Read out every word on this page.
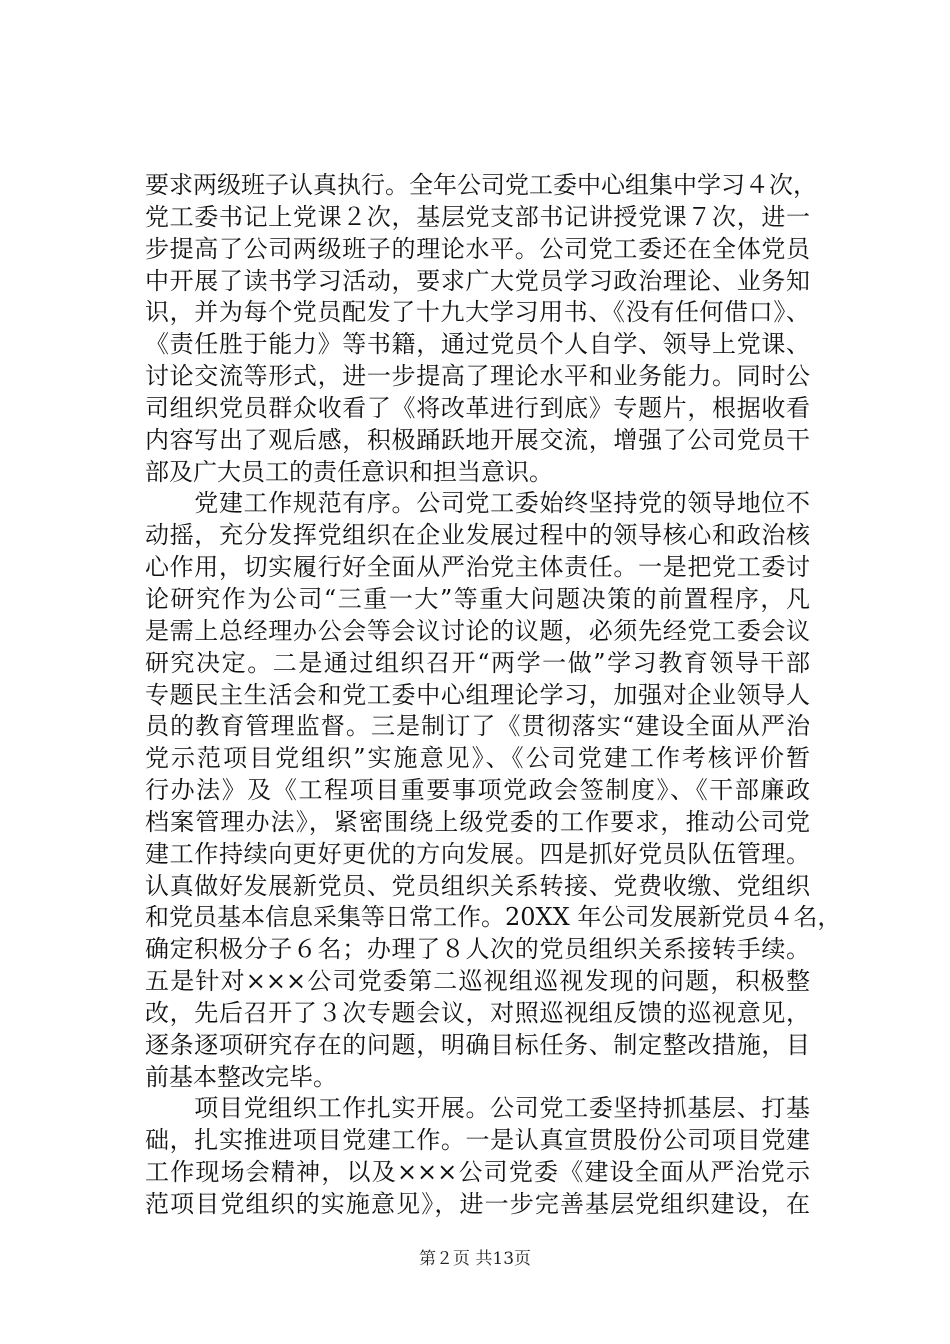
要求两级班子认真执行。全年公司党工委中心组集中学习４次，
党工委书记上党课２次，基层党支部书记讲授党课７次，进一
步提高了公司两级班子的理论水平。公司党工委还在全体党员
中开展了读书学习活动，要求广大党员学习政治理论、业务知
识，并为每个党员配发了十九大学习用书、《没有任何借口》、
《责任胜于能力》等书籍，通过党员个人自学、领导上党课、
讨论交流等形式，进一步提高了理论水平和业务能力。同时公
司组织党员群众收看了《将改革进行到底》专题片，根据收看
内容写出了观后感，积极踊跃地开展交流，增强了公司党员干
部及广大员工的责任意识和担当意识。
　　党建工作规范有序。公司党工委始终坚持党的领导地位不
动摇，充分发挥党组织在企业发展过程中的领导核心和政治核
心作用，切实履行好全面从严治党主体责任。一是把党工委讨
论研究作为公司“三重一大”等重大问题决策的前置程序，凡
是需上总经理办公会等会议讨论的议题，必须先经党工委会议
研究决定。二是通过组织召开“两学一做”学习教育领导干部
专题民主生活会和党工委中心组理论学习，加强对企业领导人
员的教育管理监督。三是制订了《贯彻落实“建设全面从严治
党示范项目党组织”实施意见》、《公司党建工作考核评价暂
行办法》及《工程项目重要事项党政会签制度》、《干部廉政
档案管理办法》，紧密围绕上级党委的工作要求，推动公司党
建工作持续向更好更优的方向发展。四是抓好党员队伍管理。
认真做好发展新党员、党员组织关系转接、党费收缴、党组织
和党员基本信息采集等日常工作。20XX 年公司发展新党员４名，
确定积极分子６名；办理了８人次的党员组织关系接转手续。
五是针对×××公司党委第二巡视组巡视发现的问题，积极整
改，先后召开了３次专题会议，对照巡视组反馈的巡视意见，
逐条逐项研究存在的问题，明确目标任务、制定整改措施，目
前基本整改完毕。
　　项目党组织工作扎实开展。公司党工委坚持抓基层、打基
础，扎实推进项目党建工作。一是认真宣贯股份公司项目党建
工作现场会精神，以及×××公司党委《建设全面从严治党示
范项目党组织的实施意见》，进一步完善基层党组织建设，在
第２页 共13页
